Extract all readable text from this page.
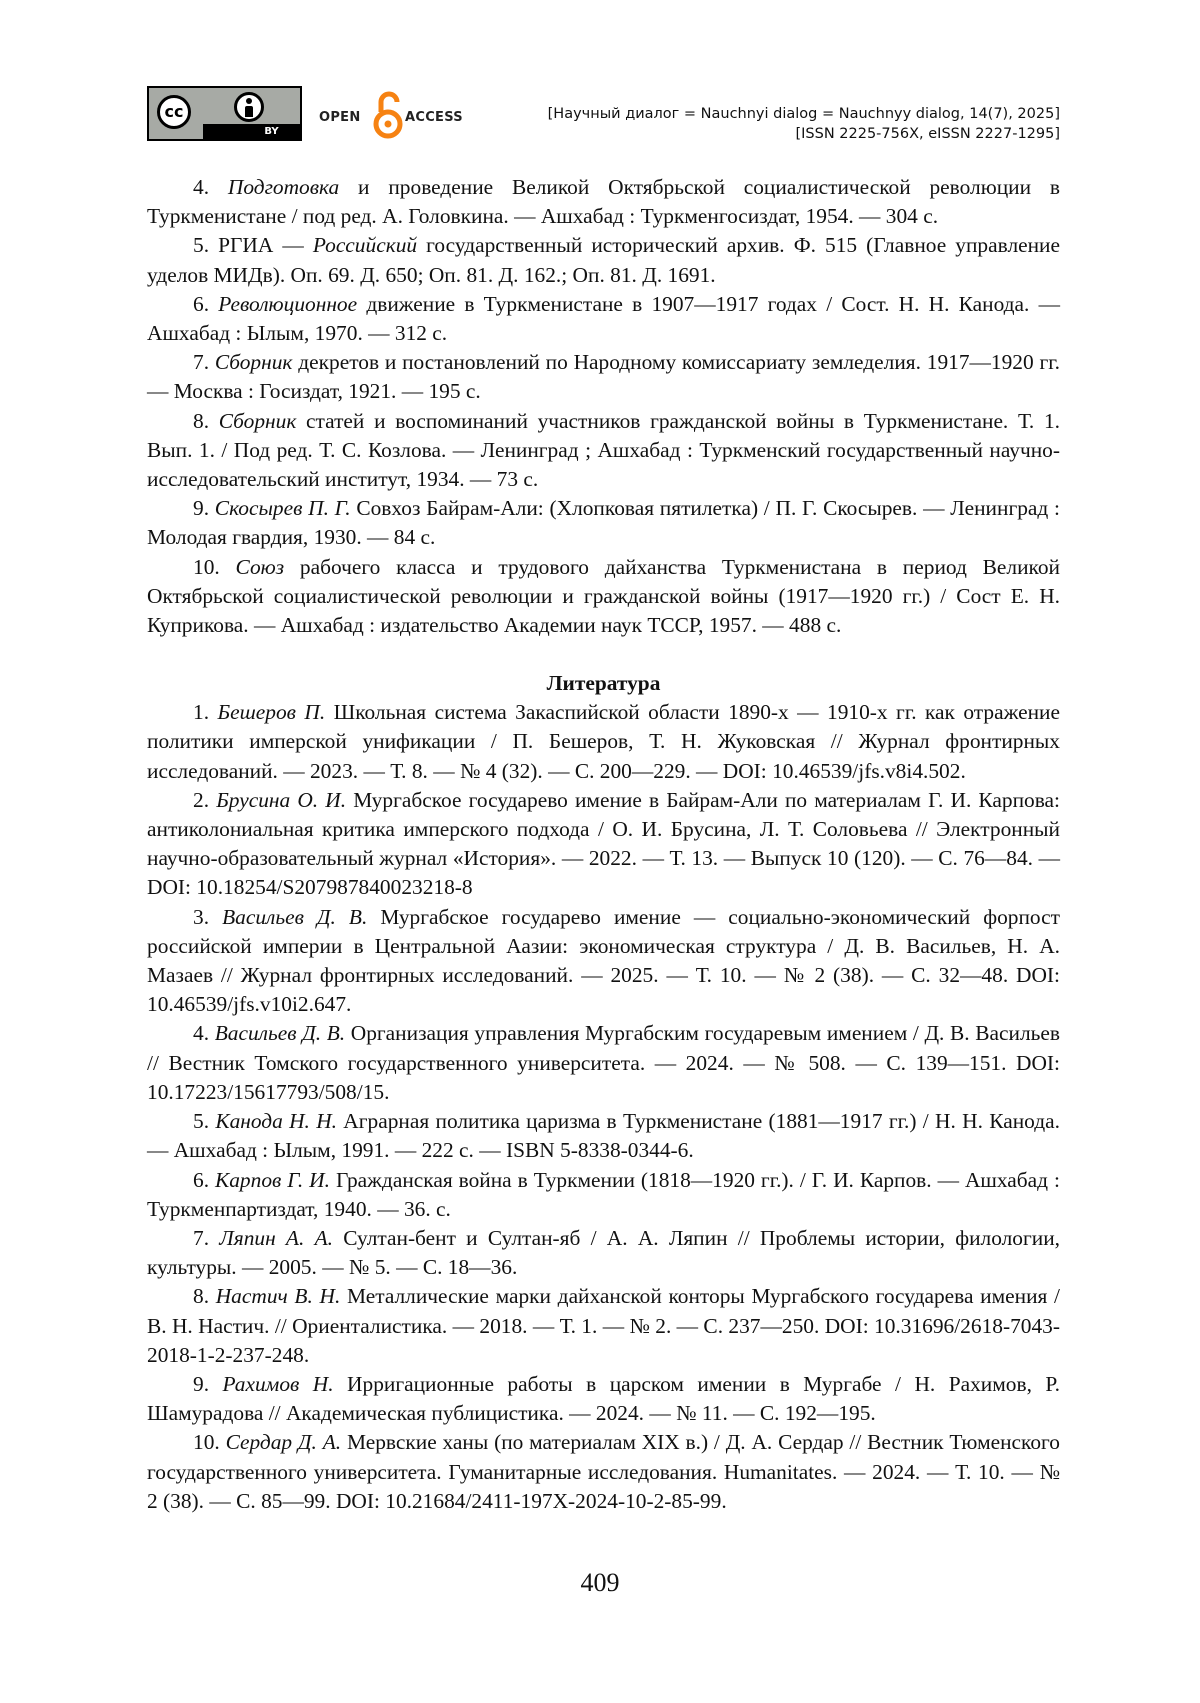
cc
BY
OPEN	ACCESS	[Научный диалог = Nauchnyi dialog = Nauchnyy dialog, 14(7), 2025]
[ISSN 2225-756X, eISSN 2227-1295]

4. Подготовка и проведение Великой Октябрьской социалистической революции в Туркменистане / под ред. А. Головкина. — Ашхабад : Туркменгосиздат, 1954. — 304 с.

5. РГИА — Российский государственный исторический архив. Ф. 515 (Главное управление уделов МИДв). Оп. 69. Д. 650; Оп. 81. Д. 162.; Оп. 81. Д. 1691.

6. Революционное движение в Туркменистане в 1907—1917 годах / Сост. Н. Н. Канода. — Ашхабад : Ылым, 1970. — 312 с.

7. Сборник декретов и постановлений по Народному комиссариату земледелия. 1917—1920 гг. — Москва : Госиздат, 1921. — 195 с.

8. Сборник статей и воспоминаний участников гражданской войны в Туркменистане. Т. 1. Вып. 1. / Под ред. Т. С. Козлова. — Ленинград ; Ашхабад : Туркменский государственный научно-исследовательский институт, 1934. — 73 с.

9. Скосырев П. Г. Совхоз Байрам-Али: (Хлопковая пятилетка) / П. Г. Скосырев. — Ленинград : Молодая гвардия, 1930. — 84 с.

10. Союз рабочего класса и трудового дайханства Туркменистана в период Великой Октябрьской социалистической революции и гражданской войны (1917—1920 гг.) / Сост Е. Н. Куприкова. — Ашхабад : издательство Академии наук ТССР, 1957. — 488 с.

Литература

1. Бешеров П. Школьная система Закаспийской области 1890-х — 1910-х гг. как отражение политики имперской унификации / П. Бешеров, Т. Н. Жуковская // Журнал фронтирных исследований. — 2023. — Т. 8. — № 4 (32). — С. 200—229. — DOI: 10.46539/jfs.v8i4.502.

2. Брусина О. И. Мургабское государево имение в Байрам-Али по материалам Г. И. Карпова: антиколониальная критика имперского подхода / О. И. Брусина, Л. Т. Соловьева // Электронный научно-образовательный журнал «История». — 2022. — Т. 13. — Выпуск 10 (120). — С. 76—84. — DOI: 10.18254/S207987840023218-8

3. Васильев Д. В. Мургабское государево имение — социально-экономический форпост российской империи в Центральной Аазии: экономическая структура / Д. В. Васильев, Н. А. Мазаев // Журнал фронтирных исследований. — 2025. — Т. 10. — № 2 (38). — С. 32—48. DOI: 10.46539/jfs.v10i2.647.

4. Васильев Д. В. Организация управления Мургабским государевым имением / Д. В. Васильев // Вестник Томского государственного университета. — 2024. — № 508. — С. 139—151. DOI: 10.17223/15617793/508/15.

5. Канода Н. Н. Аграрная политика царизма в Туркменистане (1881—1917 гг.) / Н. Н. Канода. — Ашхабад : Ылым, 1991. — 222 с. — ISBN 5-8338-0344-6.

6. Карпов Г. И. Гражданская война в Туркмении (1818—1920 гг.). / Г. И. Карпов. — Ашхабад : Туркменпартиздат, 1940. — 36. с.

7. Ляпин А. А. Султан-бент и Султан-яб / А. А. Ляпин // Проблемы истории, филологии, культуры. — 2005. — № 5. — С. 18—36.

8. Настич В. Н. Металлические марки дайханской конторы Мургабского государева имения / В. Н. Настич. // Ориенталистика. — 2018. — Т. 1. — № 2. — С. 237—250. DOI: 10.31696/2618-7043-2018-1-2-237-248.

9. Рахимов Н. Ирригационные работы в царском имении в Мургабе / Н. Рахимов, Р. Шамурадова // Академическая публицистика. — 2024. — № 11. — С. 192—195.

10. Сердар Д. А. Мервские ханы (по материалам XIX в.) / Д. А. Сердар // Вестник Тюменского государственного университета. Гуманитарные исследования. Humanitates. — 2024. — Т. 10. — № 2 (38). — С. 85—99. DOI: 10.21684/2411-197X-2024-10-2-85-99.

409
